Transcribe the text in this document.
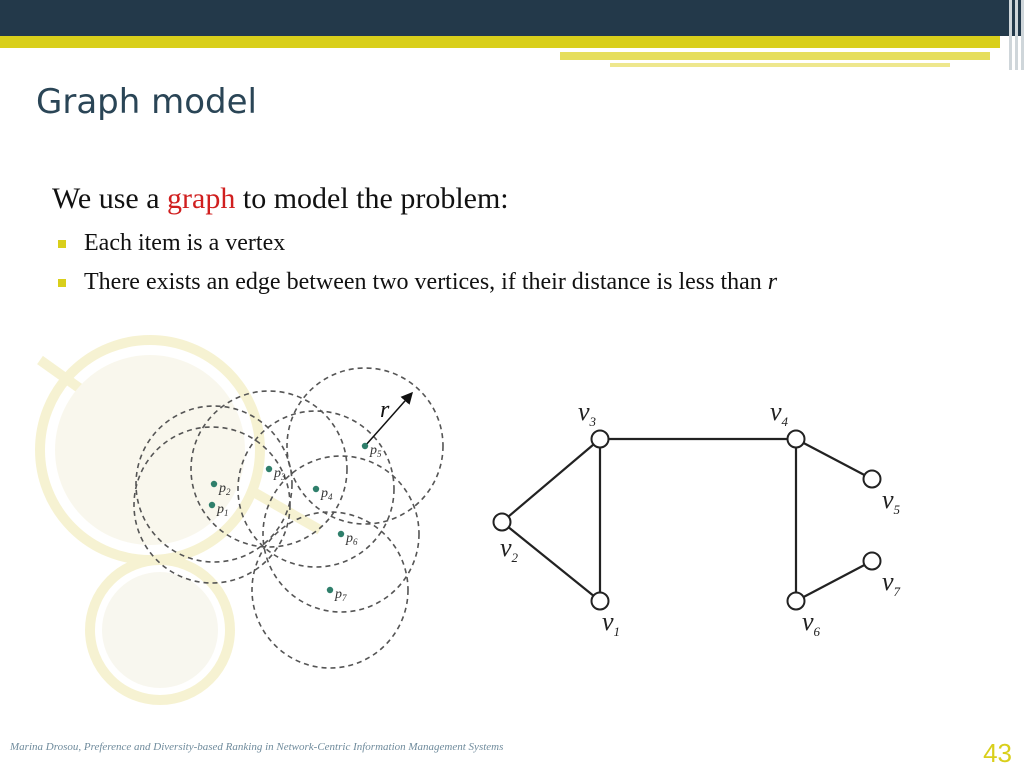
Graph model

We use a graph to model the problem:

Each item is a vertex
There exists an edge between two vertices, if their distance is less than r
r
$p_1$
$p_2$
$p_3$
$p_4$
$p_5$
$p_6$
$p_7$
$v_1$
$v_2$
$v_3$	$v_4$
$v_5$
$v_6$
$v_7$
Marina Drosou, Preference and Diversity-based Ranking in Network-Centric Information Management Systems	43
